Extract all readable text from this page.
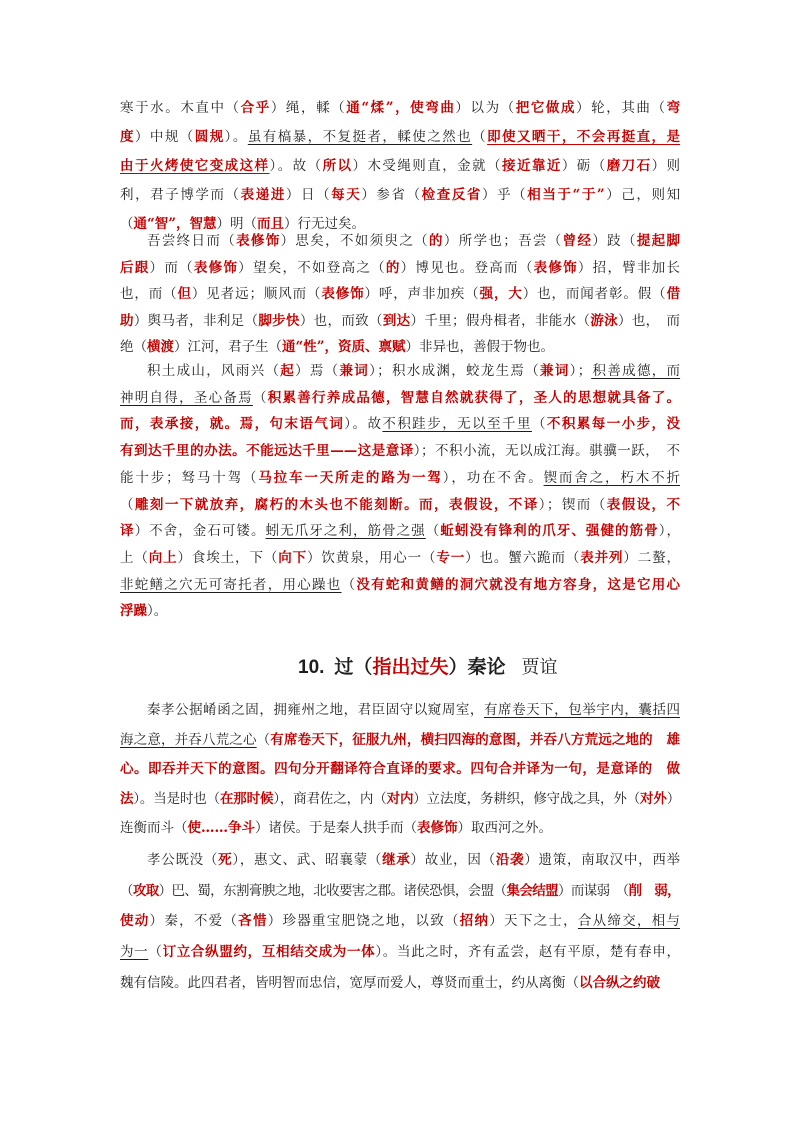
10. 过（指出过失）秦论 贾谊
寒于水。木直中（合乎）绳，輮（通“煣”，使弯曲）以为（把它做成）轮，其曲（弯
度）中规（圆规）。虽有槁暴，不复挺者，輮使之然也（即使又晒干，不会再挺直，是
由于火烤使它变成这样）。故（所以）木受绳则直，金就（接近靠近）砺（磨刀石）则
利，君子博学而（表递进）日（每天）参省（检查反省）乎（相当于“于”）己，则知
（通“智”，智慧）明（而且）行无过矣。
吾尝终日而（表修饰）思矣，不如须臾之（的）所学也；吾尝（曾经）跂（提起脚
后跟）而（表修饰）望矣，不如登高之（的）博见也。登高而（表修饰）招，臂非加长
也，而（但）见者远；顺风而（表修饰）呼，声非加疾（强，大）也，而闻者彰。假（借
助）舆马者，非利足（脚步快）也，而致（到达）千里；假舟楫者，非能水（游泳）也，　而
绝（横渡）江河，君子生（通“性”，资质、禀赋）非异也，善假于物也。
积土成山，风雨兴（起）焉（兼词）；积水成渊，蛟龙生焉（兼词）；积善成德，而
神明自得，圣心备焉（积累善行养成品德，智慧自然就获得了，圣人的思想就具备了。
而，表承接，就。焉，句末语气词）。故不积跬步，无以至千里（不积累每一小步，没
有到达千里的办法。不能远达千里——这是意译）；不积小流，无以成江海。骐骥一跃，　不
能十步；驽马十驾（马拉车一天所走的路为一驾），功在不舍。锲而舍之，朽木不折
（雕刻一下就放弃，腐朽的木头也不能刻断。而，表假设，不译）；锲而（表假设，不
译）不舍，金石可镂。蚓无爪牙之利，筋骨之强（蚯蚓没有锋利的爪牙、强健的筋骨），
上（向上）食埃土，下（向下）饮黄泉，用心一（专一）也。蟹六跪而（表并列）二螯，
非蛇鳝之穴无可寄托者，用心躁也（没有蛇和黄鳝的洞穴就没有地方容身，这是它用心
浮躁）。
秦孝公据崤函之固，拥雍州之地，君臣固守以窥周室，有席卷天下，包举宇内，囊括四
海之意，并吞八荒之心（有席卷天下，征服九州，横扫四海的意图，并吞八方荒远之地的　雄
心。即吞并天下的意图。四句分开翻译符合直译的要求。四句合并译为一句，是意译的　做
法）。当是时也（在那时候），商君佐之，内（对内）立法度，务耕织，修守战之具，外（对外）
连衡而斗（使……争斗）诸侯。于是秦人拱手而（表修饰）取西河之外。
孝公既没（死），惠文、武、昭襄蒙（继承）故业，因（沿袭）遗策，南取汉中，西举
（攻取）巴、蜀，东割膏腴之地，北收要害之郡。诸侯恐惧，会盟（集会结盟）而谋弱　（削　弱，
使动）秦，不爱（吝惜）珍器重宝肥饶之地，以致（招纳）天下之士，合从缔交，相与
为一（订立合纵盟约，互相结交成为一体）。当此之时，齐有孟尝，赵有平原，楚有春申，
魏有信陵。此四君者，皆明智而忠信，宽厚而爱人，尊贤而重士，约从离衡（以合纵之约破
